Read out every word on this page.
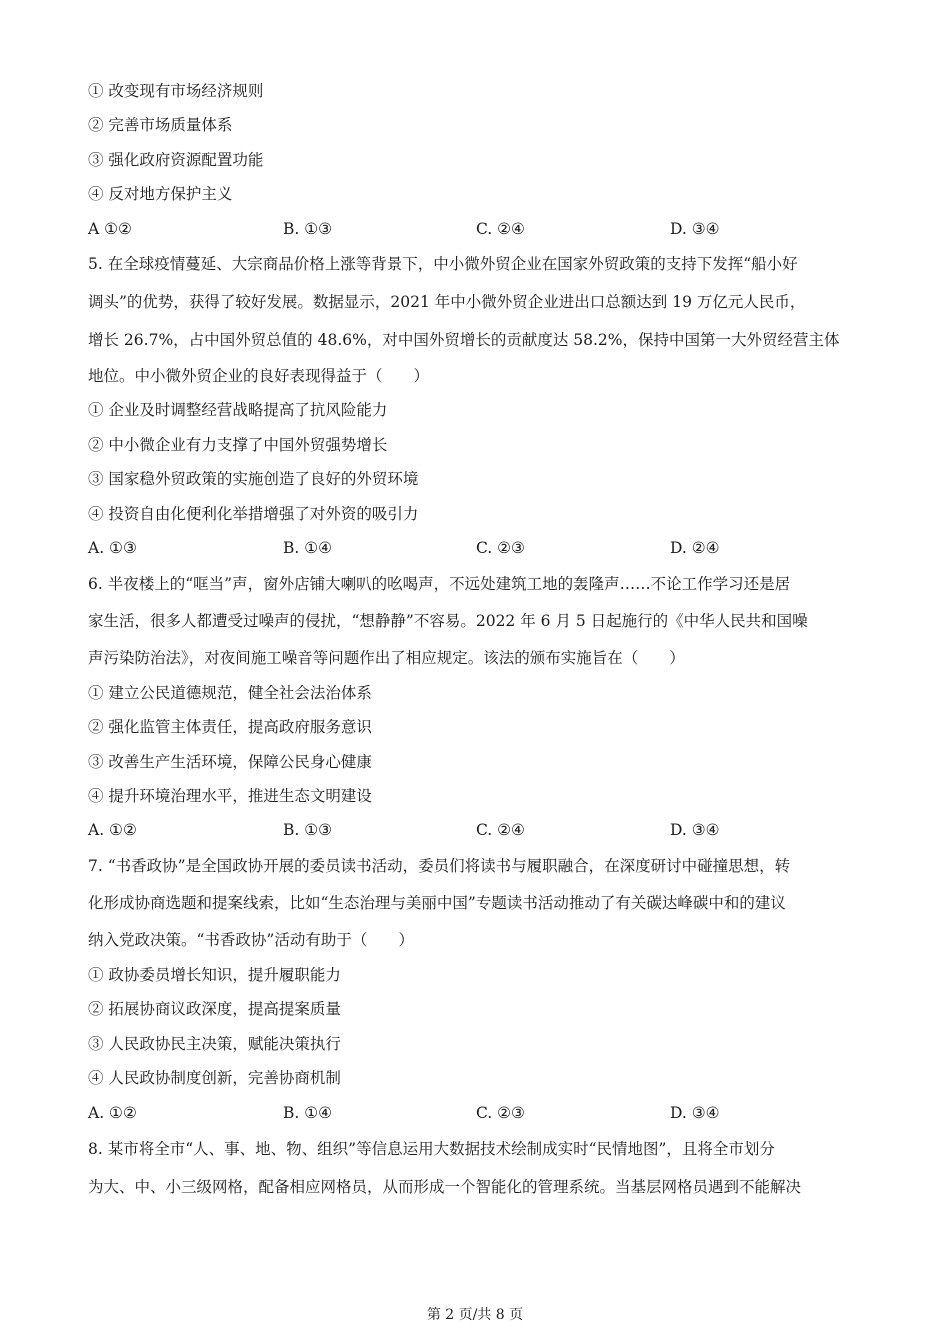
① 改变现有市场经济规则
② 完善市场质量体系
③ 强化政府资源配置功能
④ 反对地方保护主义
A ①②	B. ①③	C. ②④	D. ③④
5. 在全球疫情蔓延、大宗商品价格上涨等背景下，中小微外贸企业在国家外贸政策的支持下发挥“船小好
调头”的优势，获得了较好发展。数据显示，2021 年中小微外贸企业进出口总额达到 19 万亿元人民币，
增长 26.7%，占中国外贸总值的 48.6%，对中国外贸增长的贡献度达 58.2%，保持中国第一大外贸经营主体
地位。中小微外贸企业的良好表现得益于（　　）
① 企业及时调整经营战略提高了抗风险能力
② 中小微企业有力支撑了中国外贸强势增长
③ 国家稳外贸政策的实施创造了良好的外贸环境
④ 投资自由化便利化举措增强了对外资的吸引力
A. ①③	B. ①④	C. ②③	D. ②④
6. 半夜楼上的“哐当”声，窗外店铺大喇叭的吆喝声，不远处建筑工地的轰隆声……不论工作学习还是居
家生活，很多人都遭受过噪声的侵扰，“想静静”不容易。2022 年 6 月 5 日起施行的《中华人民共和国噪
声污染防治法》，对夜间施工噪音等问题作出了相应规定。该法的颁布实施旨在（　　）
① 建立公民道德规范，健全社会法治体系
② 强化监管主体责任，提高政府服务意识
③ 改善生产生活环境，保障公民身心健康
④ 提升环境治理水平，推进生态文明建设
A. ①②	B. ①③	C. ②④	D. ③④
7. “书香政协”是全国政协开展的委员读书活动，委员们将读书与履职融合，在深度研讨中碰撞思想，转
化形成协商选题和提案线索，比如“生态治理与美丽中国”专题读书活动推动了有关碳达峰碳中和的建议
纳入党政决策。“书香政协”活动有助于（　　）
① 政协委员增长知识，提升履职能力
② 拓展协商议政深度，提高提案质量
③ 人民政协民主决策，赋能决策执行
④ 人民政协制度创新，完善协商机制
A. ①②	B. ①④	C. ②③	D. ③④
8. 某市将全市“人、事、地、物、组织”等信息运用大数据技术绘制成实时“民情地图”，且将全市划分
为大、中、小三级网格，配备相应网格员，从而形成一个智能化的管理系统。当基层网格员遇到不能解决
第 2 页/共 8 页
